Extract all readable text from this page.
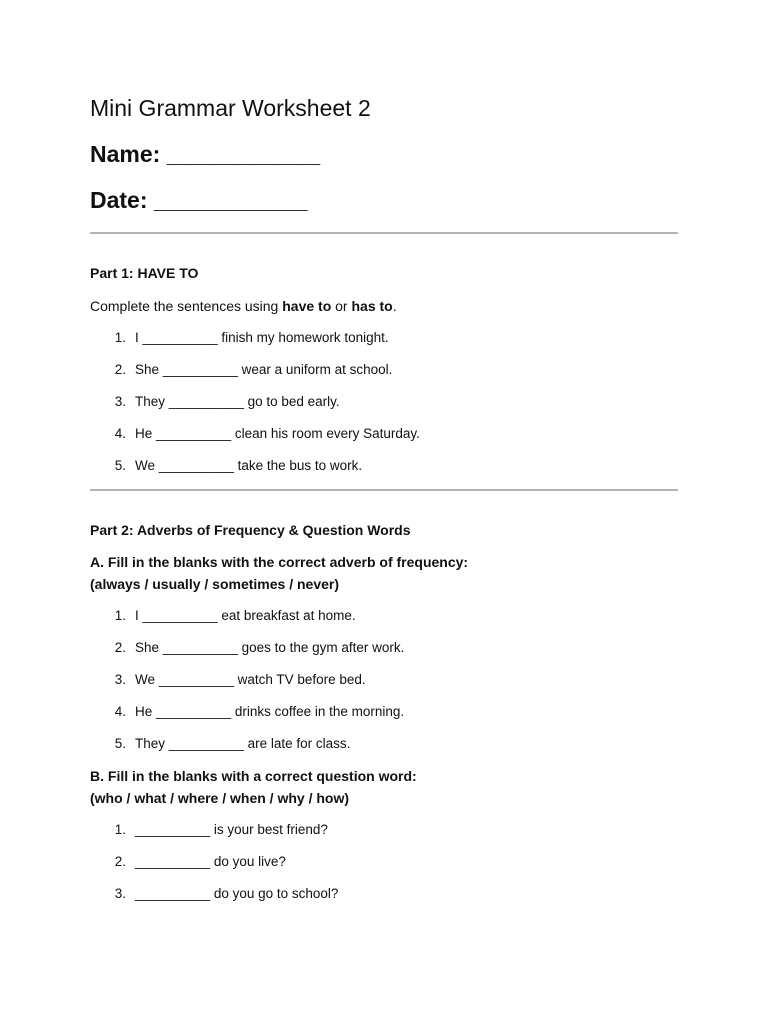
Mini Grammar Worksheet 2
Name: ____________
Date: ____________
Part 1: HAVE TO
Complete the sentences using have to or has to.
1. I __________ finish my homework tonight.
2. She __________ wear a uniform at school.
3. They __________ go to bed early.
4. He __________ clean his room every Saturday.
5. We __________ take the bus to work.
Part 2: Adverbs of Frequency & Question Words
A. Fill in the blanks with the correct adverb of frequency:
(always / usually / sometimes / never)
1. I __________ eat breakfast at home.
2. She __________ goes to the gym after work.
3. We __________ watch TV before bed.
4. He __________ drinks coffee in the morning.
5. They __________ are late for class.
B. Fill in the blanks with a correct question word:
(who / what / where / when / why / how)
1. __________ is your best friend?
2. __________ do you live?
3. __________ do you go to school?
